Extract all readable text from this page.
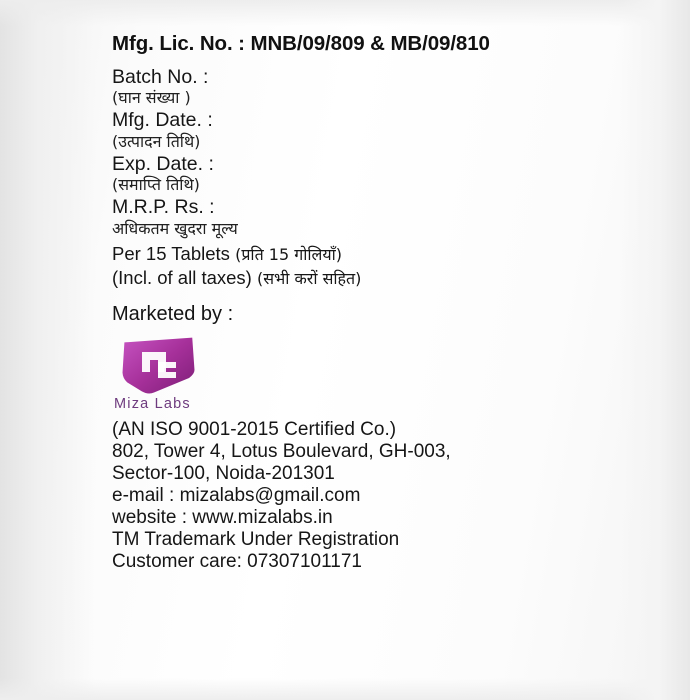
Mfg. Lic. No. : MNB/09/809 & MB/09/810
Batch No. :
(घान संख्या )
Mfg. Date. :
(उत्पादन तिथि)
Exp. Date. :
(समाप्ति तिथि)
M.R.P. Rs. :
अधिकतम खुदरा मूल्य
Per 15 Tablets (प्रति 15 गोलियाँ)
(Incl. of all taxes) (सभी करों सहित)
Marketed by :
Miza Labs
(AN ISO 9001-2015 Certified Co.)
802, Tower 4, Lotus Boulevard, GH-003,
Sector-100, Noida-201301
e-mail : mizalabs@gmail.com
website : www.mizalabs.in
TM Trademark Under Registration
Customer care: 07307101171
